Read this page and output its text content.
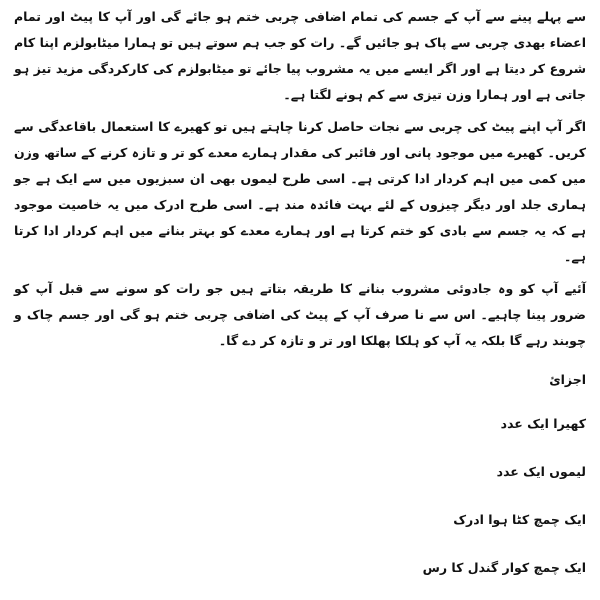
سے پہلے پینے سے آپ کے جسم کی تمام اضافی چربی ختم ہو جائے گی اور آپ کا پیٹ اور تمام اعضاء بھدی چربی سے پاک ہو جائیں گے۔ رات کو جب ہم سوتے ہیں تو ہمارا میٹابولزم اپنا کام شروع کر دیتا ہے اور اگر ایسے میں یہ مشروب پیا جائے تو میٹابولزم کی کارکردگی مزید تیز ہو جاتی ہے اور ہمارا وزن تیزی سے کم ہونے لگتا ہے۔

اگر آپ اپنے پیٹ کی چربی سے نجات حاصل کرنا چاہتے ہیں تو کھیرے کا استعمال باقاعدگی سے کریں۔ کھیرے میں موجود پانی اور فائبر کی مقدار ہمارے معدے کو تر و تازہ کرنے کے ساتھ وزن میں کمی میں اہم کردار ادا کرتی ہے۔ اسی طرح لیموں بھی ان سبزیوں میں سے ایک ہے جو ہماری جلد اور دیگر چیزوں کے لئے بہت فائدہ مند ہے۔ اسی طرح ادرک میں یہ خاصیت موجود ہے کہ یہ جسم سے بادی کو ختم کرتا ہے اور ہمارے معدے کو بہتر بنانے میں اہم کردار ادا کرتا ہے۔

آئیے آپ کو وہ جادوئی مشروب بنانے کا طریقہ بتاتے ہیں جو رات کو سونے سے قبل آپ کو ضرور پینا چاہیے۔ اس سے نا صرف آپ کے پیٹ کی اضافی چربی ختم ہو گی اور جسم چاک و چوبند رہے گا بلکہ یہ آپ کو ہلکا پھلکا اور تر و تازہ کر دے گا۔

اجزائ

کھیرا ایک عدد
لیموں ایک عدد
ایک چمچ کٹا ہوا ادرک
ایک چمچ کوار گندل کا رس
